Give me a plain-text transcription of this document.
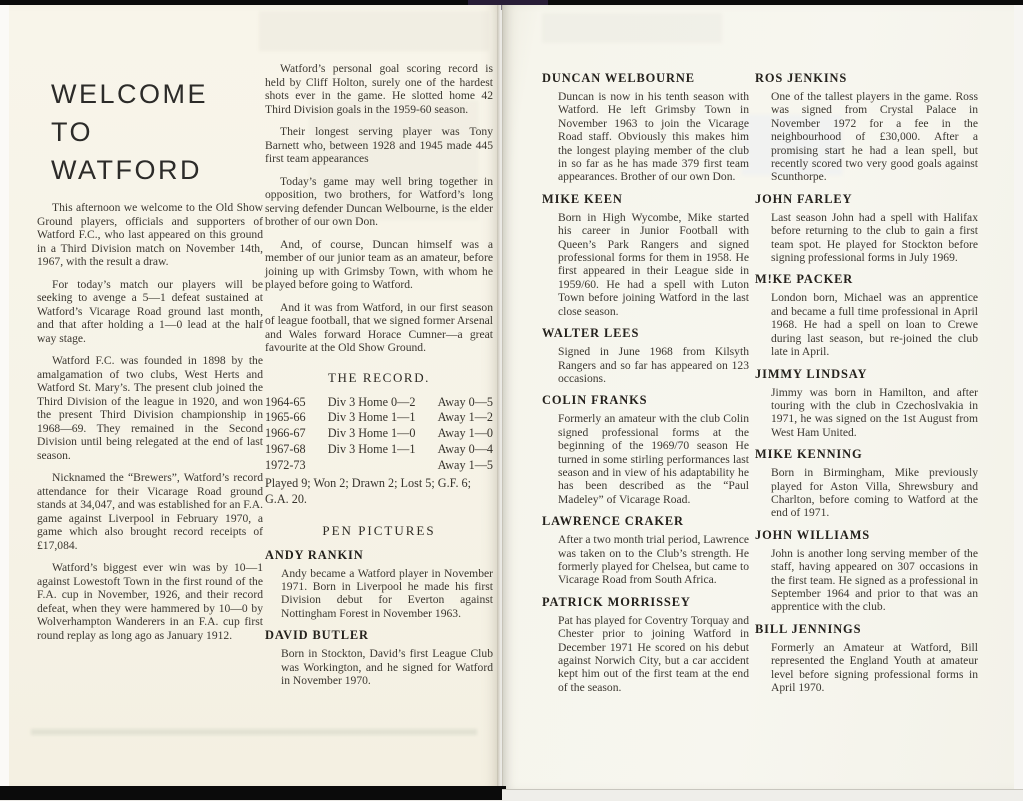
WELCOME
TO
WATFORD

This afternoon we welcome to the Old Show Ground players, officials and supporters of Watford F.C., who last appeared on this ground in a Third Division match on November 14th, 1967, with the result a draw.

For today’s match our players will be seeking to avenge a 5—1 defeat sustained at Watford’s Vicarage Road ground last month, and that after holding a 1—0 lead at the half way stage.

Watford F.C. was founded in 1898 by the amalgamation of two clubs, West Herts and Watford St. Mary’s. The present club joined the Third Division of the league in 1920, and won the present Third Division championship in 1968—69. They remained in the Second Division until being relegated at the end of last season.

Nicknamed the “Brewers”, Watford’s record attendance for their Vicarage Road ground stands at 34,047, and was established for an F.A. game against Liverpool in February 1970, a game which also brought record receipts of £17,084.

Watford’s biggest ever win was by 10—1 against Lowestoft Town in the first round of the F.A. cup in November, 1926, and their record defeat, when they were hammered by 10—0 by Wolverhampton Wanderers in an F.A. cup first round replay as long ago as January 1912.

Watford’s personal goal scoring record is held by Cliff Holton, surely one of the hardest shots ever in the game. He slotted home 42 Third Division goals in the 1959-60 season.

Their longest serving player was Tony Barnett who, between 1928 and 1945 made 445 first team appearances

Today’s game may well bring together in opposition, two brothers, for Watford’s long serving defender Duncan Welbourne, is the elder brother of our own Don.

And, of course, Duncan himself was a member of our junior team as an amateur, before joining up with Grimsby Town, with whom he played before going to Watford.

And it was from Watford, in our first season of league football, that we signed former Arsenal and Wales forward Horace Cumner—a great favourite at the Old Show Ground.

THE RECORD.
1964-65 Div 3 Home 0—2 Away 0—5
1965-66 Div 3 Home 1—1 Away 1—2
1966-67 Div 3 Home 1—0 Away 1—0
1967-68 Div 3 Home 1—1 Away 0—4
1972-73	Away 1—5
Played 9; Won 2; Drawn 2; Lost 5; G.F. 6; G.A. 20.
PEN PICTURES
ANDY RANKIN
Andy became a Watford player in November 1971. Born in Liverpool he made his first Division debut for Everton against Nottingham Forest in November 1963.
DAVID BUTLER
Born in Stockton, David’s first League Club was Workington, and he signed for Watford in November 1970.
DUNCAN WELBOURNE
Duncan is now in his tenth season with Watford. He left Grimsby Town in November 1963 to join the Vicarage Road staff. Obviously this makes him the longest playing member of the club in so far as he has made 379 first team appearances. Brother of our own Don.
MIKE KEEN
Born in High Wycombe, Mike started his career in Junior Football with Queen’s Park Rangers and signed professional forms for them in 1958. He first appeared in their League side in 1959/60. He had a spell with Luton Town before joining Watford in the last close season.
WALTER LEES
Signed in June 1968 from Kilsyth Rangers and so far has appeared on 123 occasions.
COLIN FRANKS
Formerly an amateur with the club Colin signed professional forms at the beginning of the 1969/70 season He turned in some stirling performances last season and in view of his adaptability he has been described as the “Paul Madeley” of Vicarage Road.
LAWRENCE CRAKER
After a two month trial period, Lawrence was taken on to the Club’s strength. He formerly played for Chelsea, but came to Vicarage Road from South Africa.
PATRICK MORRISSEY
Pat has played for Coventry Torquay and Chester prior to joining Watford in December 1971 He scored on his debut against Norwich City, but a car accident kept him out of the first team at the end of the season.
ROS JENKINS
One of the tallest players in the game. Ross was signed from Crystal Palace in November 1972 for a fee in the neighbourhood of £30,000. After a promising start he had a lean spell, but recently scored two very good goals against Scunthorpe.
JOHN FARLEY
Last season John had a spell with Halifax before returning to the club to gain a first team spot. He played for Stockton before signing professional forms in July 1969.
M!KE PACKER
London born, Michael was an apprentice and became a full time professional in April 1968. He had a spell on loan to Crewe during last season, but re-joined the club late in April.
JIMMY LINDSAY
Jimmy was born in Hamilton, and after touring with the club in Czechoslvakia in 1971, he was signed on the 1st August from West Ham United.
MIKE KENNING
Born in Birmingham, Mike previously played for Aston Villa, Shrewsbury and Charlton, before coming to Watford at the end of 1971.
JOHN WILLIAMS
John is another long serving member of the staff, having appeared on 307 occasions in the first team. He signed as a professional in September 1964 and prior to that was an apprentice with the club.
BILL JENNINGS
Formerly an Amateur at Watford, Bill represented the England Youth at amateur level before signing professional forms in April 1970.
